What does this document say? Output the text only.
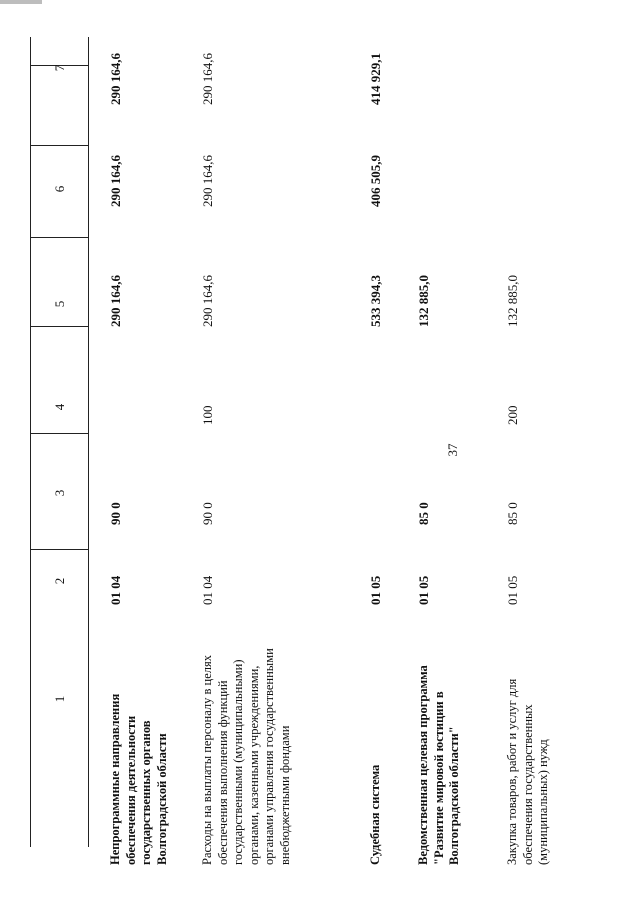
37
1
2
3
4
5
6
7
Непрограммные направления обеспечения деятельности государственных органов Волгоградской области
01 04
90 0
290 164,6
290 164,6
290 164,6
Расходы на выплаты персоналу в целях обеспечения выполнения функций государственными (муниципальными) органами, казенными учреждениями, органами управления государственными внебюджетными фондами
01 04
90 0
100
290 164,6
290 164,6
290 164,6
Судебная система
01 05
533 394,3
406 505,9
414 929,1
Ведомственная целевая программа "Развитие мировой юстиции в Волгоградской области"
01 05
85 0
132 885,0
Закупка товаров, работ и услуг для обеспечения государственных (муниципальных) нужд
01 05
85 0
200
132 885,0
